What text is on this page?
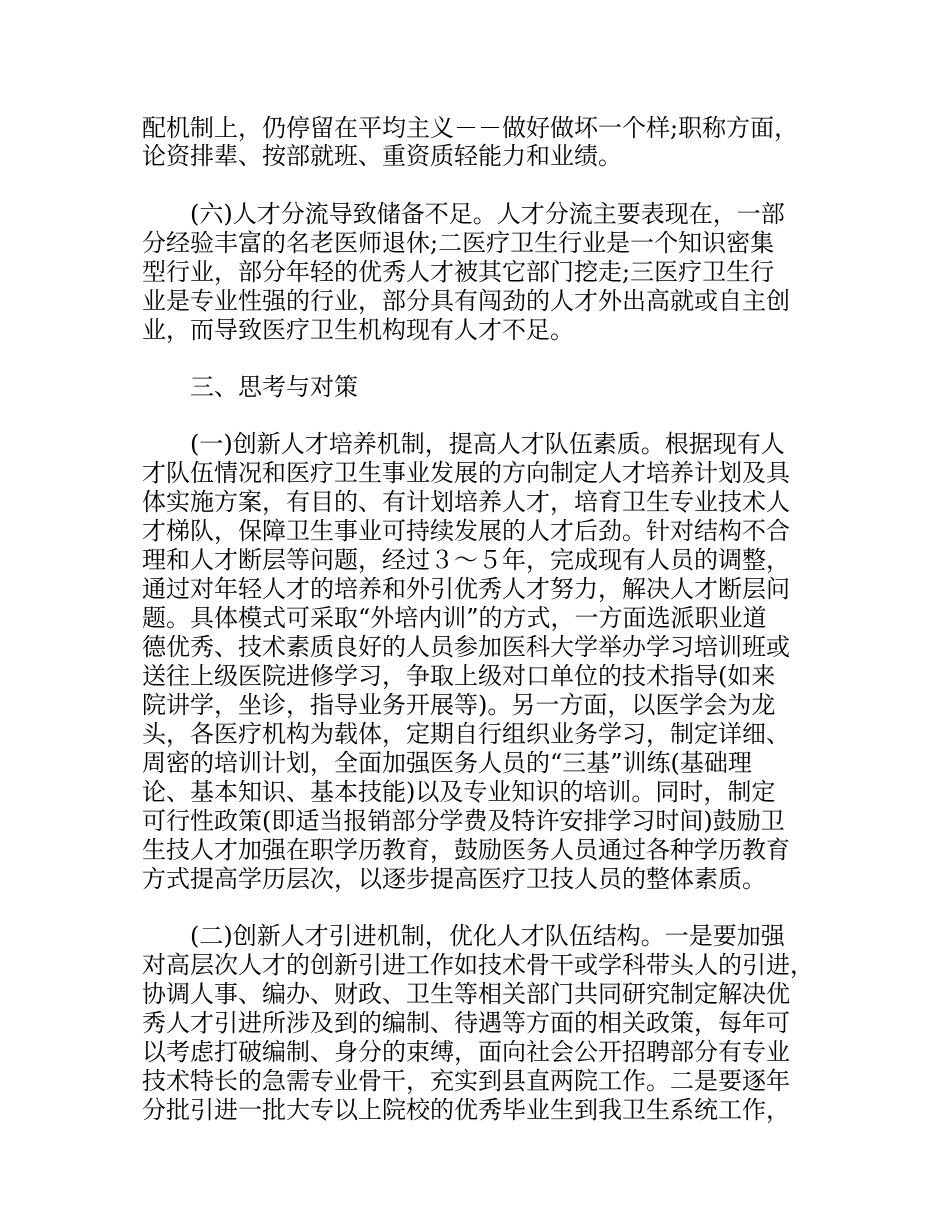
配机制上，仍停留在平均主义－－做好做坏一个样;职称方面，
论资排辈、按部就班、重资质轻能力和业绩。
(六)人才分流导致储备不足。人才分流主要表现在，一部
分经验丰富的名老医师退休;二医疗卫生行业是一个知识密集
型行业，部分年轻的优秀人才被其它部门挖走;三医疗卫生行
业是专业性强的行业，部分具有闯劲的人才外出高就或自主创
业，而导致医疗卫生机构现有人才不足。
三、思考与对策
(一)创新人才培养机制，提高人才队伍素质。根据现有人
才队伍情况和医疗卫生事业发展的方向制定人才培养计划及具
体实施方案，有目的、有计划培养人才，培育卫生专业技术人
才梯队，保障卫生事业可持续发展的人才后劲。针对结构不合
理和人才断层等问题，经过３～５年，完成现有人员的调整，
通过对年轻人才的培养和外引优秀人才努力，解决人才断层问
题。具体模式可采取“外培内训”的方式，一方面选派职业道
德优秀、技术素质良好的人员参加医科大学举办学习培训班或
送往上级医院进修学习，争取上级对口单位的技术指导(如来
院讲学，坐诊，指导业务开展等)。另一方面，以医学会为龙
头，各医疗机构为载体，定期自行组织业务学习，制定详细、
周密的培训计划，全面加强医务人员的“三基”训练(基础理
论、基本知识、基本技能)以及专业知识的培训。同时，制定
可行性政策(即适当报销部分学费及特许安排学习时间)鼓励卫
生技人才加强在职学历教育，鼓励医务人员通过各种学历教育
方式提高学历层次，以逐步提高医疗卫技人员的整体素质。
(二)创新人才引进机制，优化人才队伍结构。一是要加强
对高层次人才的创新引进工作如技术骨干或学科带头人的引进，
协调人事、编办、财政、卫生等相关部门共同研究制定解决优
秀人才引进所涉及到的编制、待遇等方面的相关政策，每年可
以考虑打破编制、身分的束缚，面向社会公开招聘部分有专业
技术特长的急需专业骨干，充实到县直两院工作。二是要逐年
分批引进一批大专以上院校的优秀毕业生到我卫生系统工作，
